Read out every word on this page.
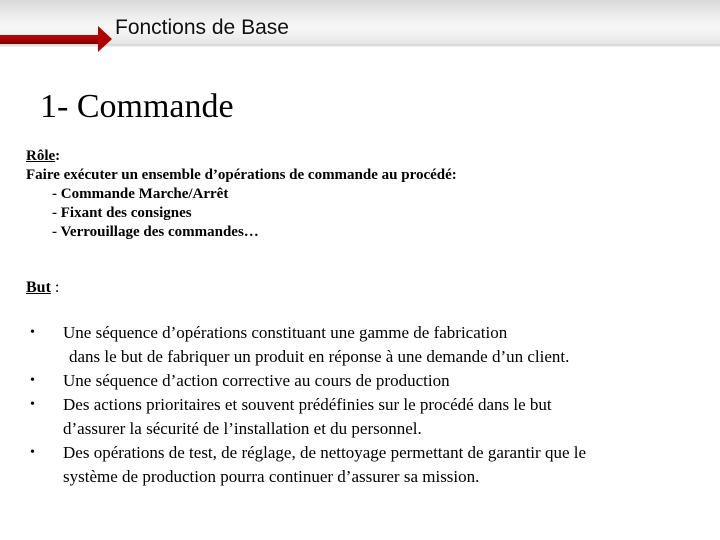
Fonctions de Base
1- Commande
Rôle:
Faire exécuter un ensemble d’opérations de commande au procédé:
- Commande Marche/Arrêt
- Fixant des consignes
- Verrouillage des commandes…
But :
• Une séquence d’opérations constituant une gamme de fabrication
dans le but de fabriquer un produit en réponse à une demande d’un client.
• Une séquence d’action corrective au cours de production
• Des actions prioritaires et souvent prédéfinies sur le procédé dans le but
d’assurer la sécurité de l’installation et du personnel.
• Des opérations de test, de réglage, de nettoyage permettant de garantir que le
système de production pourra continuer d’assurer sa mission.
